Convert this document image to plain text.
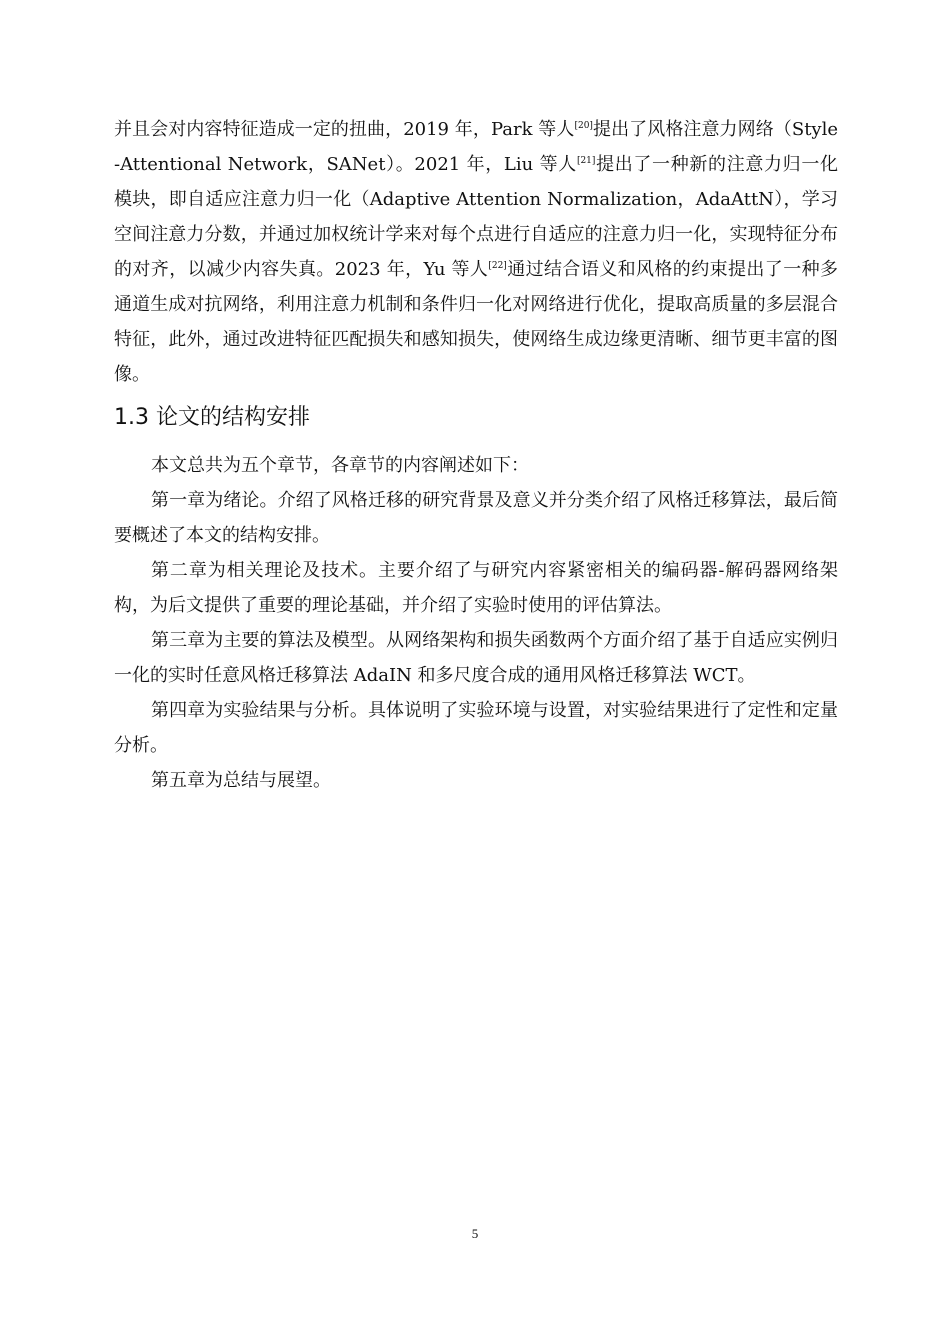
并且会对内容特征造成一定的扭曲，2019 年，Park 等人[20]提出了风格注意力网络（Style-Attentional Network，SANet）。2021 年，Liu 等人[21]提出了一种新的注意力归一化模块，即自适应注意力归一化（Adaptive Attention Normalization，AdaAttN），学习空间注意力分数，并通过加权统计学来对每个点进行自适应的注意力归一化，实现特征分布的对齐，以减少内容失真。2023 年，Yu 等人[22]通过结合语义和风格的约束提出了一种多通道生成对抗网络，利用注意力机制和条件归一化对网络进行优化，提取高质量的多层混合特征，此外，通过改进特征匹配损失和感知损失，使网络生成边缘更清晰、细节更丰富的图像。

1.3 论文的结构安排

本文总共为五个章节，各章节的内容阐述如下：

第一章为绪论。介绍了风格迁移的研究背景及意义并分类介绍了风格迁移算法，最后简要概述了本文的结构安排。

第二章为相关理论及技术。主要介绍了与研究内容紧密相关的编码器-解码器网络架构，为后文提供了重要的理论基础，并介绍了实验时使用的评估算法。

第三章为主要的算法及模型。从网络架构和损失函数两个方面介绍了基于自适应实例归一化的实时任意风格迁移算法 AdaIN 和多尺度合成的通用风格迁移算法 WCT。

第四章为实验结果与分析。具体说明了实验环境与设置，对实验结果进行了定性和定量分析。

第五章为总结与展望。

5
